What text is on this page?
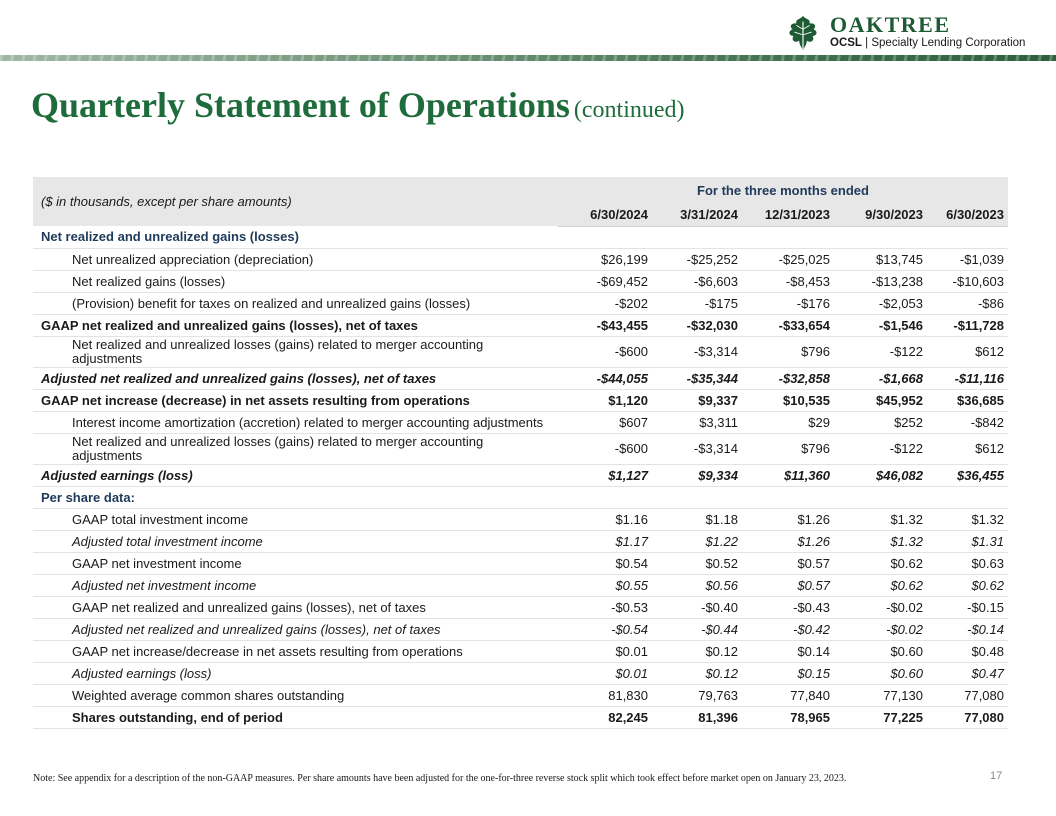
OAKTREE
OCSL | Specialty Lending Corporation
Quarterly Statement of Operations (continued)
($ in thousands, except per share amounts)	For the three months ended				
	6/30/2024	3/31/2024	12/31/2023	9/30/2023	6/30/2023
Net realized and unrealized gains (losses)					
Net unrealized appreciation (depreciation)	$26,199	-$25,252	-$25,025	$13,745	-$1,039
Net realized gains (losses)	-$69,452	-$6,603	-$8,453	-$13,238	-$10,603
(Provision) benefit for taxes on realized and unrealized gains (losses)	-$202	-$175	-$176	-$2,053	-$86
GAAP net realized and unrealized gains (losses), net of taxes	-$43,455	-$32,030	-$33,654	-$1,546	-$11,728
Net realized and unrealized losses (gains) related to merger accounting adjustments	-$600	-$3,314	$796	-$122	$612
Adjusted net realized and unrealized gains (losses), net of taxes	-$44,055	-$35,344	-$32,858	-$1,668	-$11,116
GAAP net increase (decrease) in net assets resulting from operations	$1,120	$9,337	$10,535	$45,952	$36,685
Interest income amortization (accretion) related to merger accounting adjustments	$607	$3,311	$29	$252	-$842
Net realized and unrealized losses (gains) related to merger accounting adjustments	-$600	-$3,314	$796	-$122	$612
Adjusted earnings (loss)	$1,127	$9,334	$11,360	$46,082	$36,455
Per share data:					
GAAP total investment income	$1.16	$1.18	$1.26	$1.32	$1.32
Adjusted total investment income	$1.17	$1.22	$1.26	$1.32	$1.31
GAAP net investment income	$0.54	$0.52	$0.57	$0.62	$0.63
Adjusted net investment income	$0.55	$0.56	$0.57	$0.62	$0.62
GAAP net realized and unrealized gains (losses), net of taxes	-$0.53	-$0.40	-$0.43	-$0.02	-$0.15
Adjusted net realized and unrealized gains (losses), net of taxes	-$0.54	-$0.44	-$0.42	-$0.02	-$0.14
GAAP net increase/decrease in net assets resulting from operations	$0.01	$0.12	$0.14	$0.60	$0.48
Adjusted earnings (loss)	$0.01	$0.12	$0.15	$0.60	$0.47
Weighted average common shares outstanding	81,830	79,763	77,840	77,130	77,080
Shares outstanding, end of period	82,245	81,396	78,965	77,225	77,080
Note: See appendix for a description of the non-GAAP measures. Per share amounts have been adjusted for the one-for-three reverse stock split which took effect before market open on January 23, 2023.	17
